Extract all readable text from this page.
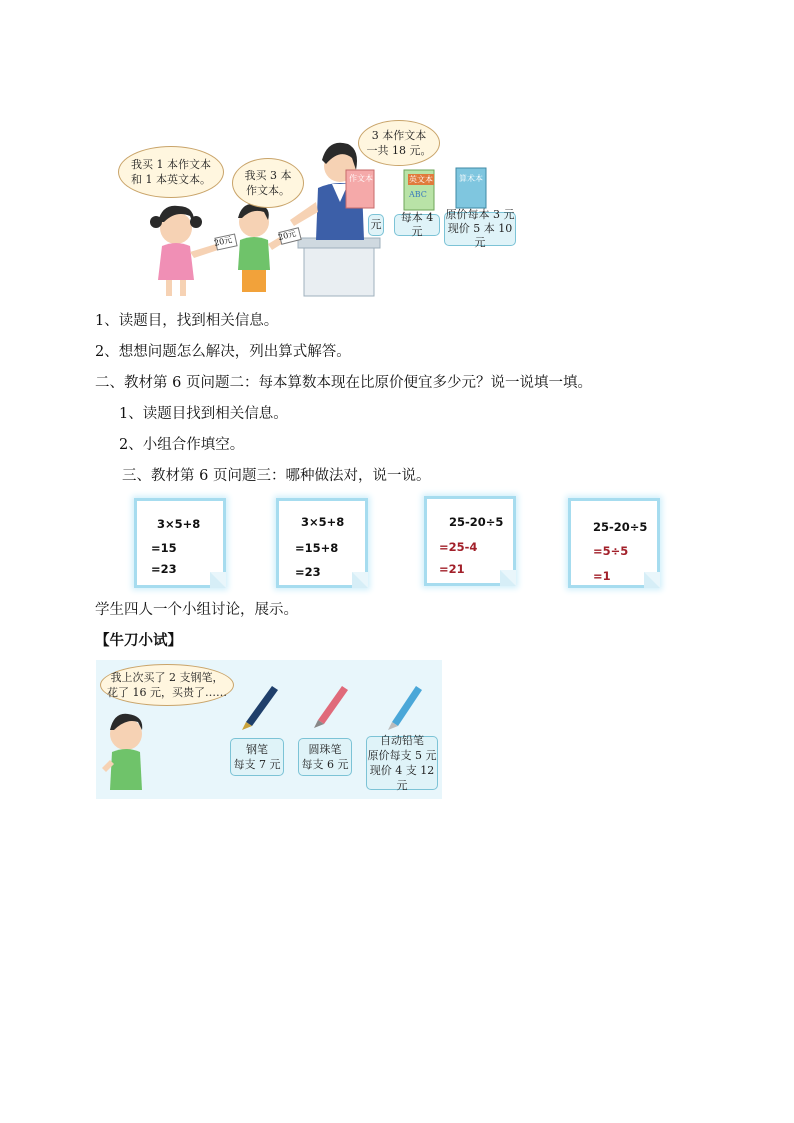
20元	20元
作文本	英文本
ABC
算术本
我买 1 本作文本
和 1 本英文本。	我买 3 本
作文本。
3 本作文本
一共 18 元。
元
每本 4 元
原价每本 3 元
现价 5 本 10 元
1、读题目，找到相关信息。
2、想想问题怎么解决，列出算式解答。
二、教材第 6 页问题二：每本算数本现在比原价便宜多少元？说一说填一填。
1、读题目找到相关信息。
2、小组合作填空。
三、教材第 6 页问题三：哪种做法对，说一说。
3×5+8
=15
=23
3×5+8
=15+8
=23
25-20÷5
=25-4
=21
25-20÷5
=5÷5
=1
学生四人一个小组讨论，展示。
【牛刀小试】
我上次买了 2 支钢笔，
花了 16 元，买贵了……
钢笔
每支 7 元
圆珠笔
每支 6 元
自动铅笔
原价每支 5 元
现价 4 支 12 元
